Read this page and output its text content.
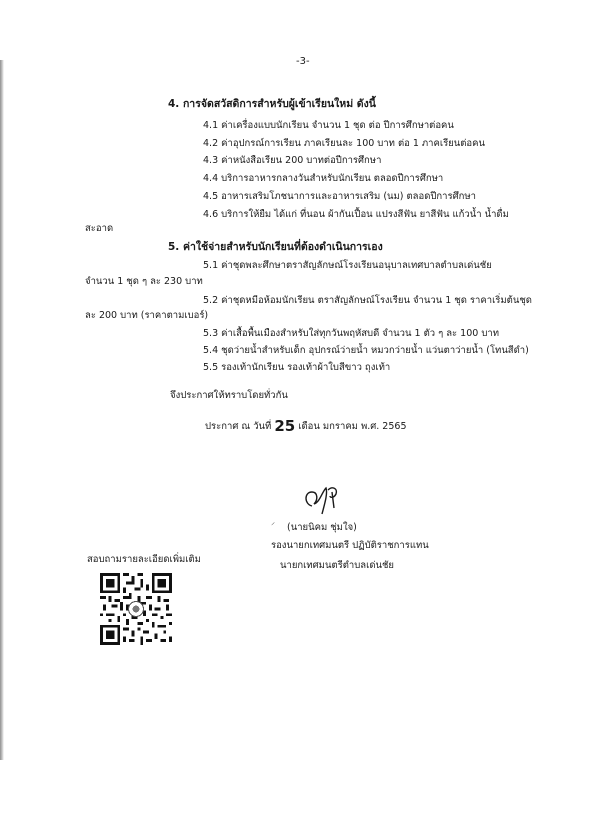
-3-
4. การจัดสวัสดิการสำหรับผู้เข้าเรียนใหม่ ดังนี้
4.1 ค่าเครื่องแบบนักเรียน จำนวน 1 ชุด ต่อ ปีการศึกษาต่อคน
4.2 ค่าอุปกรณ์การเรียน ภาคเรียนละ 100 บาท ต่อ 1 ภาคเรียนต่อคน
4.3 ค่าหนังสือเรียน 200 บาทต่อปีการศึกษา
4.4 บริการอาหารกลางวันสำหรับนักเรียน ตลอดปีการศึกษา
4.5 อาหารเสริมโภชนาการและอาหารเสริม (นม) ตลอดปีการศึกษา
4.6 บริการให้ยืม ได้แก่ ที่นอน ผ้ากันเปื้อน แปรงสีฟัน ยาสีฟัน แก้วน้ำ น้ำดื่ม
สะอาด
5. ค่าใช้จ่ายสำหรับนักเรียนที่ต้องดำเนินการเอง
5.1 ค่าชุดพละศึกษาตราสัญลักษณ์โรงเรียนอนุบาลเทศบาลตำบลเด่นชัย
จำนวน 1 ชุด ๆ ละ 230 บาท
5.2 ค่าชุดหมีอห้อมนักเรียน ตราสัญลักษณ์โรงเรียน จำนวน 1 ชุด ราคาเริ่มต้นชุด
ละ 200 บาท (ราคาตามเบอร์)
5.3 ค่าเสื้อพื้นเมืองสำหรับใส่ทุกวันพฤหัสบดี จำนวน 1 ตัว ๆ ละ 100 บาท
5.4 ชุดว่ายน้ำสำหรับเด็ก อุปกรณ์ว่ายน้ำ หมวกว่ายน้ำ แว่นตาว่ายน้ำ (โทนสีดำ)
5.5 รองเท้านักเรียน รองเท้าผ้าใบสีขาว ถุงเท้า
จึงประกาศให้ทราบโดยทั่วกัน
ประกาศ ณ วันที่ 25 เดือน มกราคม พ.ศ. 2565
⸍ (นายนิคม ชุ่มใจ)
รองนายกเทศมนตรี ปฏิบัติราชการแทน
นายกเทศมนตรีตำบลเด่นชัย
สอบถามรายละเอียดเพิ่มเติม
